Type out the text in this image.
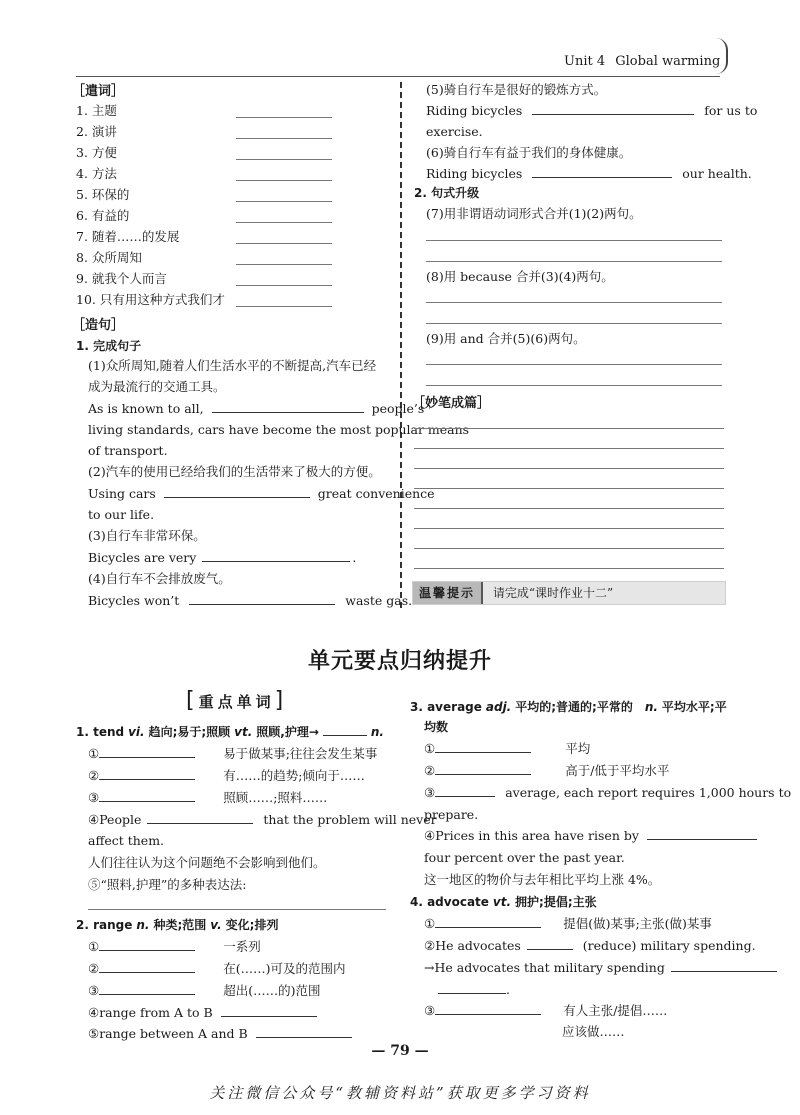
Unit 4 Global warming
［遣词］
1. 主题
2. 演讲
3. 方便
4. 方法
5. 环保的
6. 有益的
7. 随着……的发展
8. 众所周知
9. 就我个人而言
10. 只有用这种方式我们才
［造句］
1. 完成句子
(1)众所周知,随着人们生活水平的不断提高,汽车已经
成为最流行的交通工具。
As is known to all,	people’s
living standards, cars have become the most popular means
of transport.
(2)汽车的使用已经给我们的生活带来了极大的方便。
Using cars	great convenience
to our life.
(3)自行车非常环保。
Bicycles are very	.
(4)自行车不会排放废气。
Bicycles won’t	waste gas.
(5)骑自行车是很好的锻炼方式。
Riding bicycles	for us to
exercise.
(6)骑自行车有益于我们的身体健康。
Riding bicycles	our health.
2. 句式升级
(7)用非谓语动词形式合并(1)(2)两句。
(8)用 because 合并(3)(4)两句。
(9)用 and 合并(5)(6)两句。
［妙笔成篇］
温馨提示 请完成“课时作业十二”
单元要点归纳提升
[重点单词]
1. tend vi. 趋向;易于;照顾 vt. 照顾,护理→	n.
①	易于做某事;往往会发生某事
②	有……的趋势;倾向于……
③	照顾……;照料……
④People	that the problem will never
affect them.
人们往往认为这个问题绝不会影响到他们。
⑤“照料,护理”的多种表达法:
2. range n. 种类;范围 v. 变化;排列
①	一系列
②	在(……)可及的范围内
③	超出(……的)范围
④range from A to B
⑤range between A and B
3. average adj. 平均的;普通的;平常的 n. 平均水平;平
均数
①	平均
②	高于/低于平均水平
③	average, each report requires 1,000 hours to
prepare.
④Prices in this area have risen by
four percent over the past year.
这一地区的物价与去年相比平均上涨 4%。
4. advocate vt. 拥护;提倡;主张
①	提倡(做)某事;主张(做)某事
②He advocates	(reduce) military spending.
→He advocates that military spending
.
③	有人主张/提倡……
应该做……
— 79 —
关注微信公众号“教辅资料站”获取更多学习资料
